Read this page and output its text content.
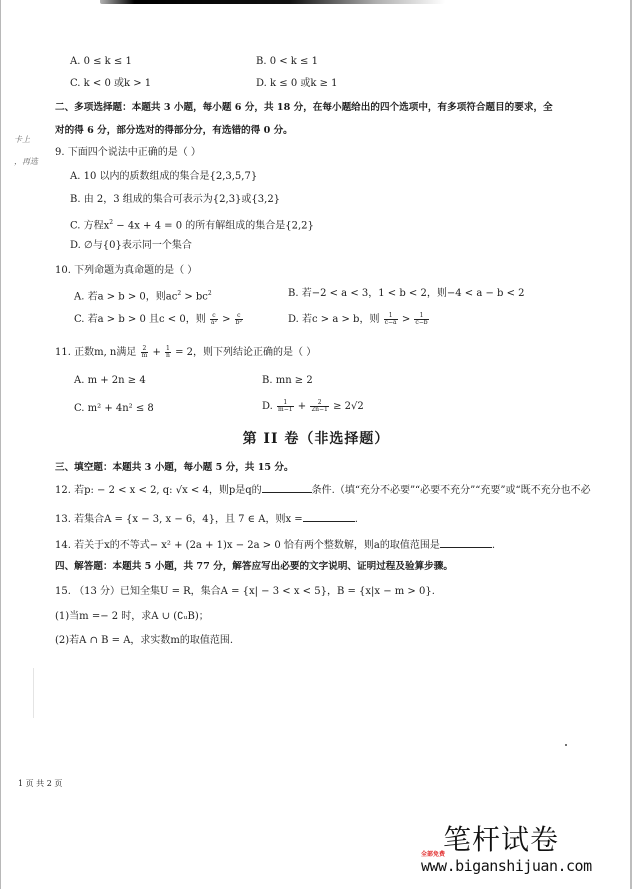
A. 0 ≤ k ≤ 1	B. 0 < k ≤ 1
C. k < 0 或k > 1	D. k ≤ 0 或k ≥ 1
二、多项选择题：本题共 3 小题，每小题 6 分，共 18 分，在每小题给出的四个选项中，有多项符合题目的要求，全
对的得 6 分，部分选对的得部分分，有选错的得 0 分。
卡上
，再选
9. 下面四个说法中正确的是（ ）
A. 10 以内的质数组成的集合是{2,3,5,7}
B. 由 2，3 组成的集合可表示为{2,3}或{3,2}
C. 方程$x^2 - 4x + 4 = 0$ 的所有解组成的集合是{2,2}
D. ∅与{0}表示同一个集合
10. 下列命题为真命题的是（ ）
A. 若a > b > 0，则$ac^2 > bc^2$	B. 若−2 < a < 3，1 < b < 2，则−4 < a − b < 2
C. 若a > b > 0 且c < 0，则 $\frac{c}{\text{a²}} > \frac{c}{\text{b²}}$	D. 若c > a > b，则 $\frac{1}{c-a} > \frac{1}{c-b}$
11. 正数m, n满足 $\frac{2}{m} + \frac{1}{n} = 2$，则下列结论正确的是（ ）
A. m + 2n ≥ 4	B. mn ≥ 2
C. m² + 4n² ≤ 8	D. $\frac{1}{m-1} + \frac{2}{2n-1} \ge 2√2$
第 II 卷（非选择题）
三、填空题：本题共 3 小题，每小题 5 分，共 15 分。
12. 若p: − 2 < x < 2, q: √x < 4，则p是q的	条件.（填“充分不必要”“必要不充分”“充要”或“既不充分也不必
13. 若集合A = {x − 3, x − 6，4}，且 7 ∈ A，则x =	.
14. 若关于x的不等式− x² + (2a + 1)x − 2a > 0 恰有两个整数解，则a的取值范围是	.
四、解答题：本题共 5 小题，共 77 分，解答应写出必要的文字说明、证明过程及验算步骤。
15. （13 分）已知全集U = R，集合A = {x| − 3 < x < 5}，B = {x|x − m > 0}.
(1)当m =− 2 时，求A ∪ (∁ᵤB)；
(2)若A ∩ B = A，求实数m的取值范围.
1 页 共 2 页
笔杆试卷
全部免费
www.biganshijuan.com
